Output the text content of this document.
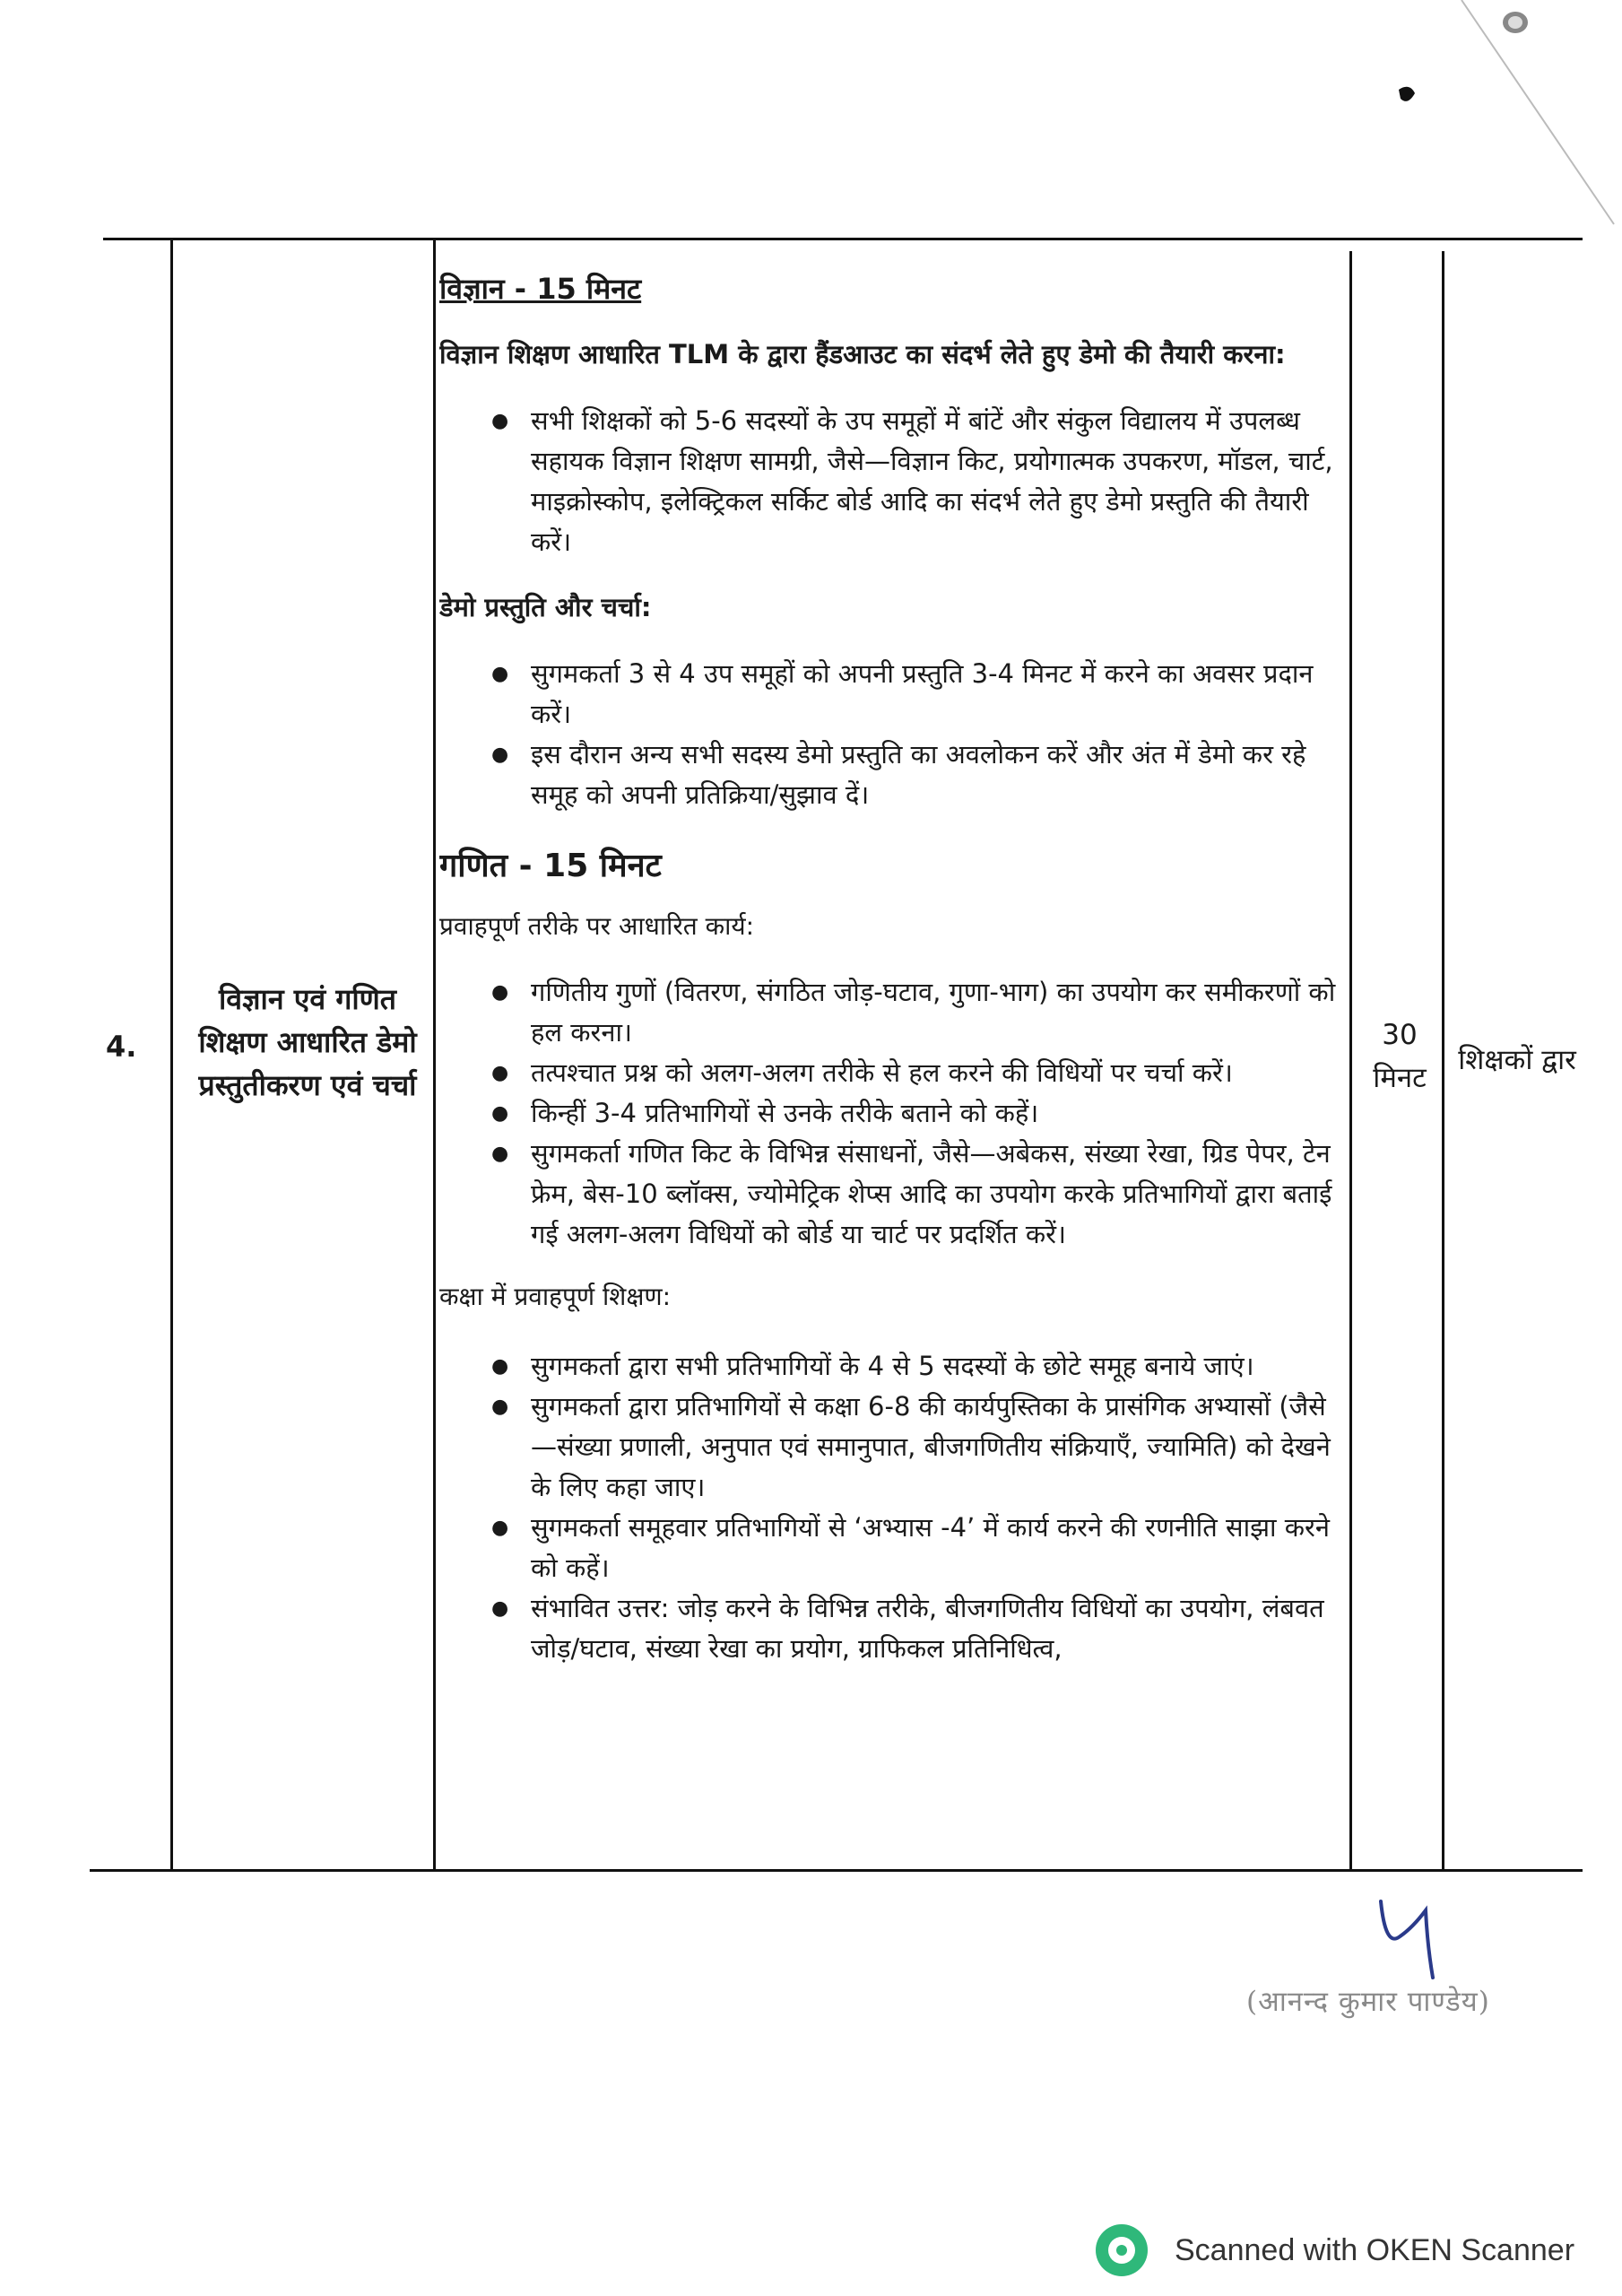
4.
विज्ञान एवं गणित
शिक्षण आधारित डेमो
प्रस्तुतीकरण एवं चर्चा
30
मिनट
शिक्षकों द्वार

विज्ञान - 15 मिनट

विज्ञान शिक्षण आधारित TLM के द्वारा हैंडआउट का संदर्भ लेते हुए डेमो की तैयारी करना:

● सभी शिक्षकों को 5-6 सदस्यों के उप समूहों में बांटें और संकुल विद्यालय में उपलब्ध सहायक विज्ञान शिक्षण सामग्री, जैसे—विज्ञान किट, प्रयोगात्मक उपकरण, मॉडल, चार्ट, माइक्रोस्कोप, इलेक्ट्रिकल सर्किट बोर्ड आदि का संदर्भ लेते हुए डेमो प्रस्तुति की तैयारी करें।

डेमो प्रस्तुति और चर्चा:

● सुगमकर्ता 3 से 4 उप समूहों को अपनी प्रस्तुति 3-4 मिनट में करने का अवसर प्रदान करें।
● इस दौरान अन्य सभी सदस्य डेमो प्रस्तुति का अवलोकन करें और अंत में डेमो कर रहे समूह को अपनी प्रतिक्रिया/सुझाव दें।

गणित - 15 मिनट

प्रवाहपूर्ण तरीके पर आधारित कार्य:

● गणितीय गुणों (वितरण, संगठित जोड़-घटाव, गुणा-भाग) का उपयोग कर समीकरणों को हल करना।
● तत्पश्चात प्रश्न को अलग-अलग तरीके से हल करने की विधियों पर चर्चा करें।
● किन्हीं 3-4 प्रतिभागियों से उनके तरीके बताने को कहें।
● सुगमकर्ता गणित किट के विभिन्न संसाधनों, जैसे—अबेकस, संख्या रेखा, ग्रिड पेपर, टेन फ्रेम, बेस-10 ब्लॉक्स, ज्योमेट्रिक शेप्स आदि का उपयोग करके प्रतिभागियों द्वारा बताई गई अलग-अलग विधियों को बोर्ड या चार्ट पर प्रदर्शित करें।

कक्षा में प्रवाहपूर्ण शिक्षण:

● सुगमकर्ता द्वारा सभी प्रतिभागियों के 4 से 5 सदस्यों के छोटे समूह बनाये जाएं।
● सुगमकर्ता द्वारा प्रतिभागियों से कक्षा 6-8 की कार्यपुस्तिका के प्रासंगिक अभ्यासों (जैसे—संख्या प्रणाली, अनुपात एवं समानुपात, बीजगणितीय संक्रियाएँ, ज्यामिति) को देखने के लिए कहा जाए।
● सुगमकर्ता समूहवार प्रतिभागियों से ‘अभ्यास -4’ में कार्य करने की रणनीति साझा करने को कहें।
● संभावित उत्तर: जोड़ करने के विभिन्न तरीके, बीजगणितीय विधियों का उपयोग, लंबवत जोड़/घटाव, संख्या रेखा का प्रयोग, ग्राफिकल प्रतिनिधित्व,
(आनन्द कुमार पाण्डेय)
Scanned with OKEN Scanner
